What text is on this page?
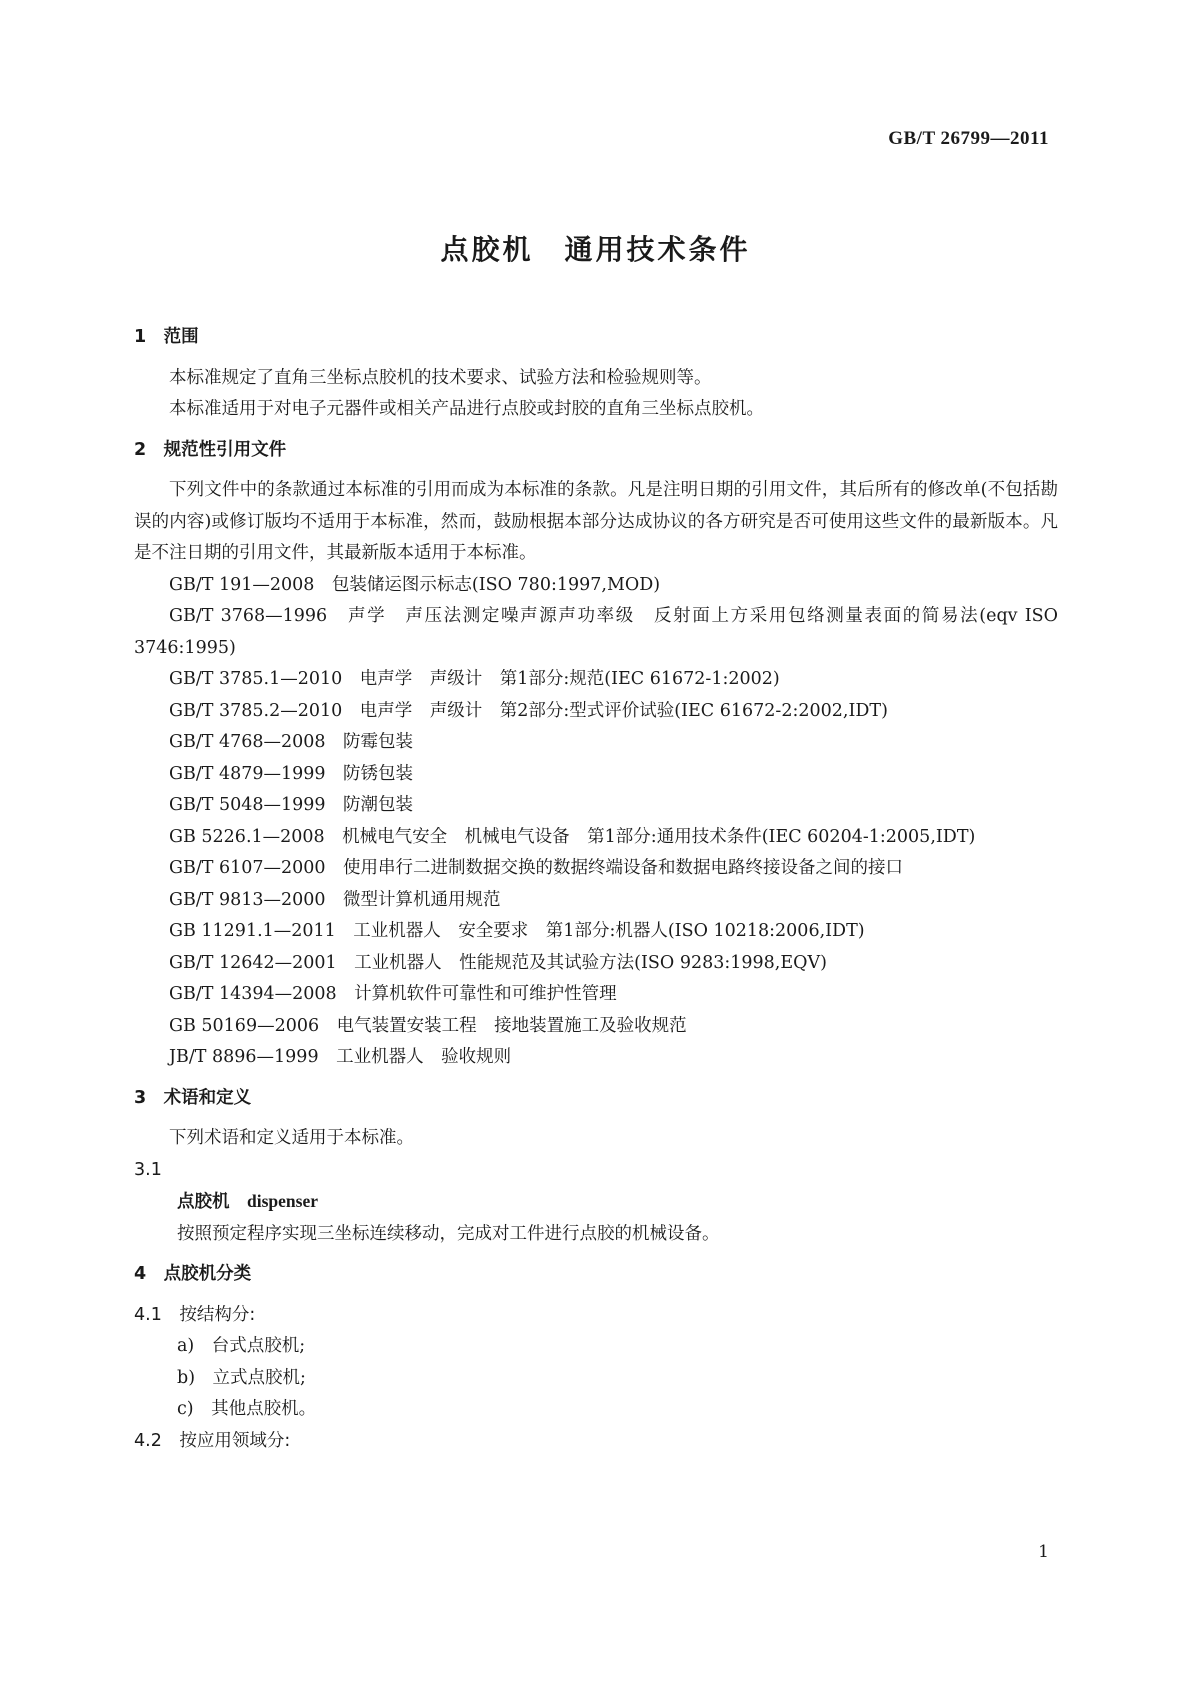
GB/T 26799—2011
点胶机　通用技术条件
1　范围

本标准规定了直角三坐标点胶机的技术要求、试验方法和检验规则等。

本标准适用于对电子元器件或相关产品进行点胶或封胶的直角三坐标点胶机。

2　规范性引用文件

下列文件中的条款通过本标准的引用而成为本标准的条款。凡是注明日期的引用文件，其后所有的修改单(不包括勘误的内容)或修订版均不适用于本标准，然而，鼓励根据本部分达成协议的各方研究是否可使用这些文件的最新版本。凡是不注日期的引用文件，其最新版本适用于本标准。

GB/T 191—2008　包装储运图示标志(ISO 780:1997,MOD)

GB/T 3768—1996　声学　声压法测定噪声源声功率级　反射面上方采用包络测量表面的简易法(eqv ISO 3746:1995)

GB/T 3785.1—2010　电声学　声级计　第1部分:规范(IEC 61672-1:2002)

GB/T 3785.2—2010　电声学　声级计　第2部分:型式评价试验(IEC 61672-2:2002,IDT)

GB/T 4768—2008　防霉包装

GB/T 4879—1999　防锈包装

GB/T 5048—1999　防潮包装

GB 5226.1—2008　机械电气安全　机械电气设备　第1部分:通用技术条件(IEC 60204-1:2005,IDT)

GB/T 6107—2000　使用串行二进制数据交换的数据终端设备和数据电路终接设备之间的接口

GB/T 9813—2000　微型计算机通用规范

GB 11291.1—2011　工业机器人　安全要求　第1部分:机器人(ISO 10218:2006,IDT)

GB/T 12642—2001　工业机器人　性能规范及其试验方法(ISO 9283:1998,EQV)

GB/T 14394—2008　计算机软件可靠性和可维护性管理

GB 50169—2006　电气装置安装工程　接地装置施工及验收规范

JB/T 8896—1999　工业机器人　验收规则

3　术语和定义

下列术语和定义适用于本标准。

3.1
点胶机　 dispenser

按照预定程序实现三坐标连续移动，完成对工件进行点胶的机械设备。

4　点胶机分类
4.1　按结构分:
a)　台式点胶机;
b)　立式点胶机;
c)　其他点胶机。
4.2　按应用领域分:
1
